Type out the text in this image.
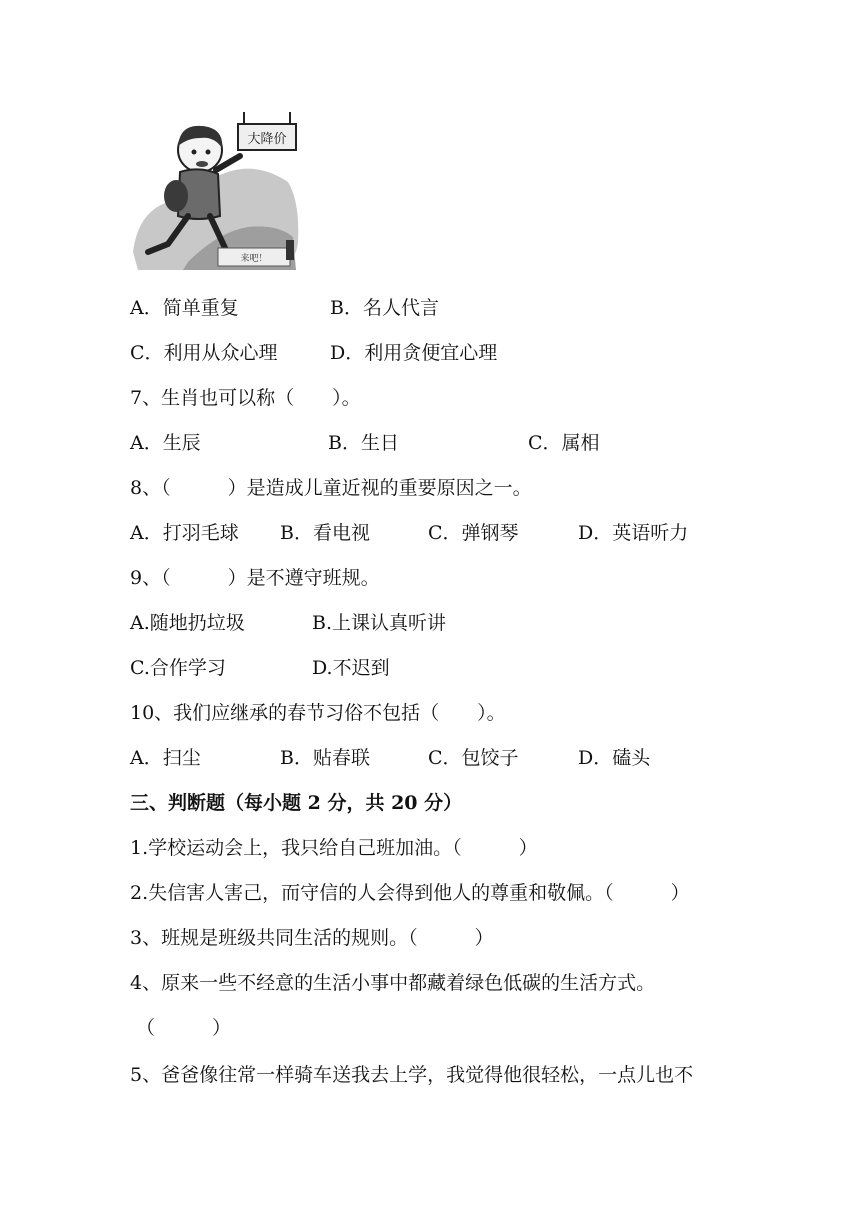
大降价
来吧！
A．简单重复	B．名人代言
C．利用从众心理	D．利用贪便宜心理
7、生肖也可以称（　　）。
A．生辰	B．生日	C．属相
8、（　　　）是造成儿童近视的重要原因之一。
A．打羽毛球 B．看电视	C．弹钢琴	D．英语听力
9、（　　　）是不遵守班规。
A.随地扔垃圾	B.上课认真听讲
C.合作学习	D.不迟到
10、我们应继承的春节习俗不包括（　　）。
A．扫尘	B．贴春联	C．包饺子	D．磕头
三、判断题（每小题 2 分，共 20 分）
1.学校运动会上，我只给自己班加油。（　　　）
2.失信害人害己，而守信的人会得到他人的尊重和敬佩。（　　　）
3、班规是班级共同生活的规则。（　　　）
4、原来一些不经意的生活小事中都藏着绿色低碳的生活方式。
（　　　）
5、爸爸像往常一样骑车送我去上学，我觉得他很轻松，一点儿也不
